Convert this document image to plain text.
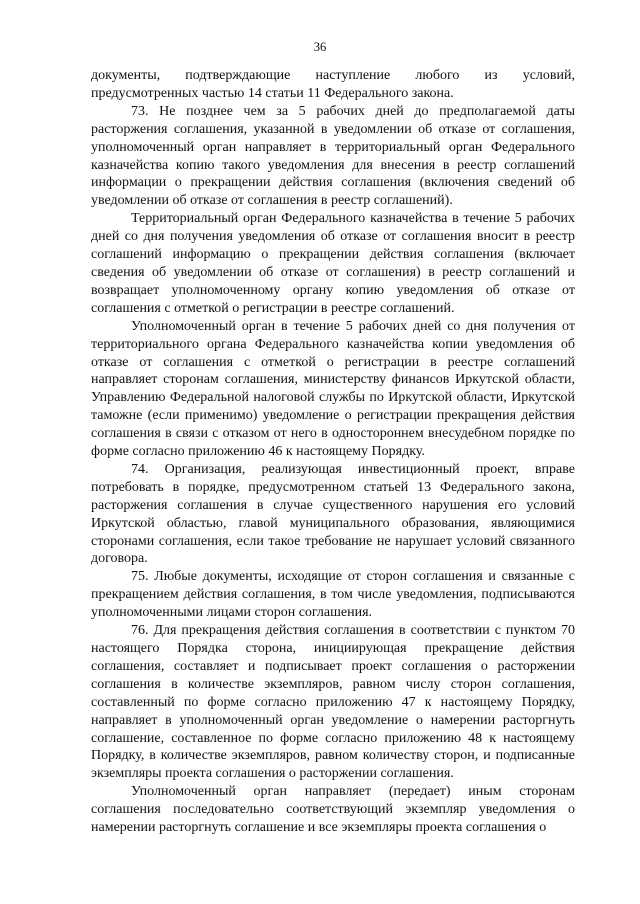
36

документы, подтверждающие наступление любого из условий, предусмотренных частью 14 статьи 11 Федерального закона.

73. Не позднее чем за 5 рабочих дней до предполагаемой даты расторжения соглашения, указанной в уведомлении об отказе от соглашения, уполномоченный орган направляет в территориальный орган Федерального казначейства копию такого уведомления для внесения в реестр соглашений информации о прекращении действия соглашения (включения сведений об уведомлении об отказе от соглашения в реестр соглашений).

Территориальный орган Федерального казначейства в течение 5 рабочих дней со дня получения уведомления об отказе от соглашения вносит в реестр соглашений информацию о прекращении действия соглашения (включает сведения об уведомлении об отказе от соглашения) в реестр соглашений и возвращает уполномоченному органу копию уведомления об отказе от соглашения с отметкой о регистрации в реестре соглашений.

Уполномоченный орган в течение 5 рабочих дней со дня получения от территориального органа Федерального казначейства копии уведомления об отказе от соглашения с отметкой о регистрации в реестре соглашений направляет сторонам соглашения, министерству финансов Иркутской области, Управлению Федеральной налоговой службы по Иркутской области, Иркутской таможне (если применимо) уведомление о регистрации прекращения действия соглашения в связи с отказом от него в одностороннем внесудебном порядке по форме согласно приложению 46 к настоящему Порядку.

74. Организация, реализующая инвестиционный проект, вправе потребовать в порядке, предусмотренном статьей 13 Федерального закона, расторжения соглашения в случае существенного нарушения его условий Иркутской областью, главой муниципального образования, являющимися сторонами соглашения, если такое требование не нарушает условий связанного договора.

75. Любые документы, исходящие от сторон соглашения и связанные с прекращением действия соглашения, в том числе уведомления, подписываются уполномоченными лицами сторон соглашения.

76. Для прекращения действия соглашения в соответствии с пунктом 70 настоящего Порядка сторона, инициирующая прекращение действия соглашения, составляет и подписывает проект соглашения о расторжении соглашения в количестве экземпляров, равном числу сторон соглашения, составленный по форме согласно приложению 47 к настоящему Порядку, направляет в уполномоченный орган уведомление о намерении расторгнуть соглашение, составленное по форме согласно приложению 48 к настоящему Порядку, в количестве экземпляров, равном количеству сторон, и подписанные экземпляры проекта соглашения о расторжении соглашения.

Уполномоченный орган направляет (передает) иным сторонам соглашения последовательно соответствующий экземпляр уведомления о намерении расторгнуть соглашение и все экземпляры проекта соглашения о
